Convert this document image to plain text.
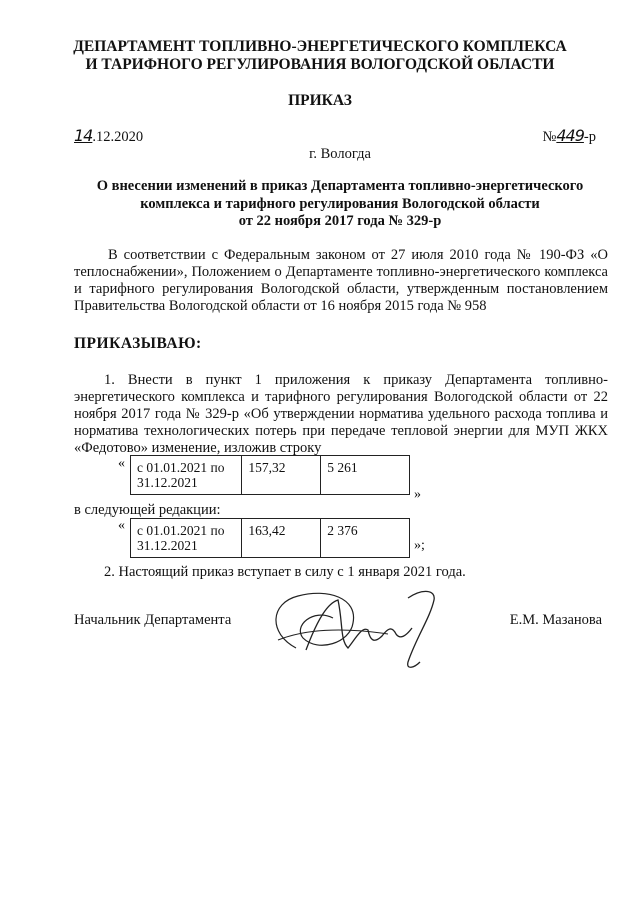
ДЕПАРТАМЕНТ ТОПЛИВНО-ЭНЕРГЕТИЧЕСКОГО КОМПЛЕКСА
И ТАРИФНОГО РЕГУЛИРОВАНИЯ ВОЛОГОДСКОЙ ОБЛАСТИ
ПРИКАЗ
14.12.2020	№449-р
г. Вологда
О внесении изменений в приказ Департамента топливно-энергетического
комплекса и тарифного регулирования Вологодской области
от 22 ноября 2017 года № 329-р
В соответствии с Федеральным законом от 27 июля 2010 года № 190-ФЗ «О теплоснабжении», Положением о Департаменте топливно-энергетического комплекса и тарифного регулирования Вологодской области, утвержденным постановлением Правительства Вологодской области от 16 ноября 2015 года № 958
ПРИКАЗЫВАЮ:
1. Внести в пункт 1 приложения к приказу Департамента топливно-энергетического комплекса и тарифного регулирования Вологодской области от 22 ноября 2017 года № 329-р «Об утверждении норматива удельного расхода топлива и норматива технологических потерь при передаче тепловой энергии для МУП ЖКХ «Федотово» изменение, изложив строку
« с 01.01.2021 по 31.12.2021	157,32	5 261
»
в следующей редакции:
« с 01.01.2021 по 31.12.2021	163,42	2 376
»;
2. Настоящий приказ вступает в силу с 1 января 2021 года.
Начальник Департамента	Е.М. Мазанова
